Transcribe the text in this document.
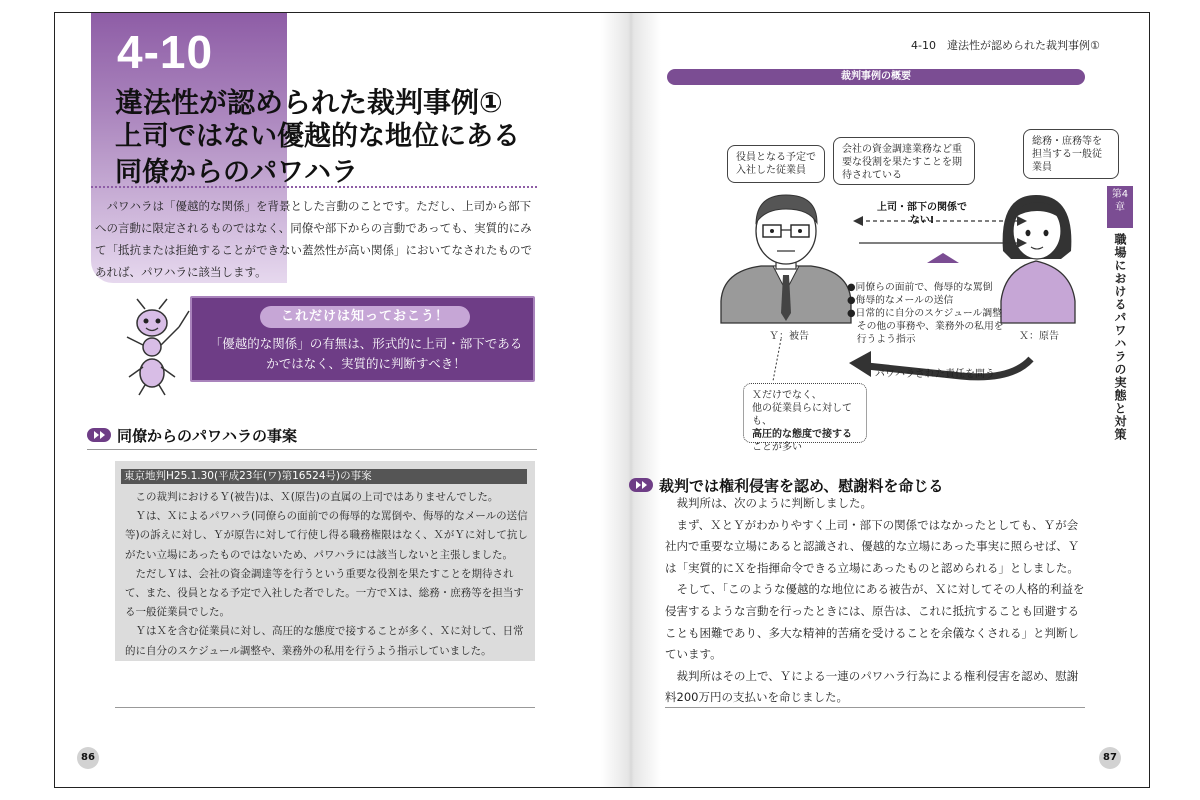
4-10
違法性が認められた裁判事例①
上司ではない優越的な地位にある
同僚からのパワハラ
　パワハラは「優越的な関係」を背景とした言動のことです。ただし、上司から部下への言動に限定されるものではなく、同僚や部下からの言動であっても、実質的にみて「抵抗または拒絶することができない蓋然性が高い関係」においてなされたものであれば、パワハラに該当します。
これだけは知っておこう！
「優越的な関係」の有無は、形式的に上司・部下であるかではなく、実質的に判断すべき！
同僚からのパワハラの事案
東京地判H25.1.30(平成23年(ワ)第16524号)の事案

この裁判におけるＹ(被告)は、Ｘ(原告)の直属の上司ではありませんでした。

Ｙは、Ｘによるパワハラ(同僚らの面前での侮辱的な罵倒や、侮辱的なメールの送信等)の訴えに対し、Ｙが原告に対して行使し得る職務権限はなく、ＸがＹに対して抗しがたい立場にあったものではないため、パワハラには該当しないと主張しました。

ただしＹは、会社の資金調達等を行うという重要な役割を果たすことを期待されて、また、役員となる予定で入社した者でした。一方でＸは、総務・庶務等を担当する一般従業員でした。

ＹはＸを含む従業員に対し、高圧的な態度で接することが多く、Ｘに対して、日常的に自分のスケジュール調整や、業務外の私用を行うよう指示していました。

86
4-10　違法性が認められた裁判事例①
裁判事例の概要
役員となる予定で入社した従業員
会社の資金調達業務など重要な役割を果たすことを期待されている
総務・庶務等を担当する一般従業員
上司・部下の関係でない!
●同僚らの面前で、侮辱的な罵倒
●侮辱的なメールの送信
●日常的に自分のスケジュール調整
　その他の事務や、業務外の私用を
　行うよう指示
Ｙ：被告	Ｘ：原告
パワハラされた責任を問う
Ｘだけでなく、
他の従業員らに対しても、
高圧的な態度で接する
ことが多い
第4章
職場におけるパワハラの実態と対策
裁判では権利侵害を認め、慰謝料を命じる

裁判所は、次のように判断しました。

まず、ＸとＹがわかりやすく上司・部下の関係ではなかったとしても、Ｙが会社内で重要な立場にあると認識され、優越的な立場にあった事実に照らせば、Ｙは「実質的にＸを指揮命令できる立場にあったものと認められる」としました。

そして、「このような優越的な地位にある被告が、Ｘに対してその人格的利益を侵害するような言動を行ったときには、原告は、これに抵抗することも回避することも困難であり、多大な精神的苦痛を受けることを余儀なくされる」と判断しています。

裁判所はその上で、Ｙによる一連のパワハラ行為による権利侵害を認め、慰謝料200万円の支払いを命じました。

87
